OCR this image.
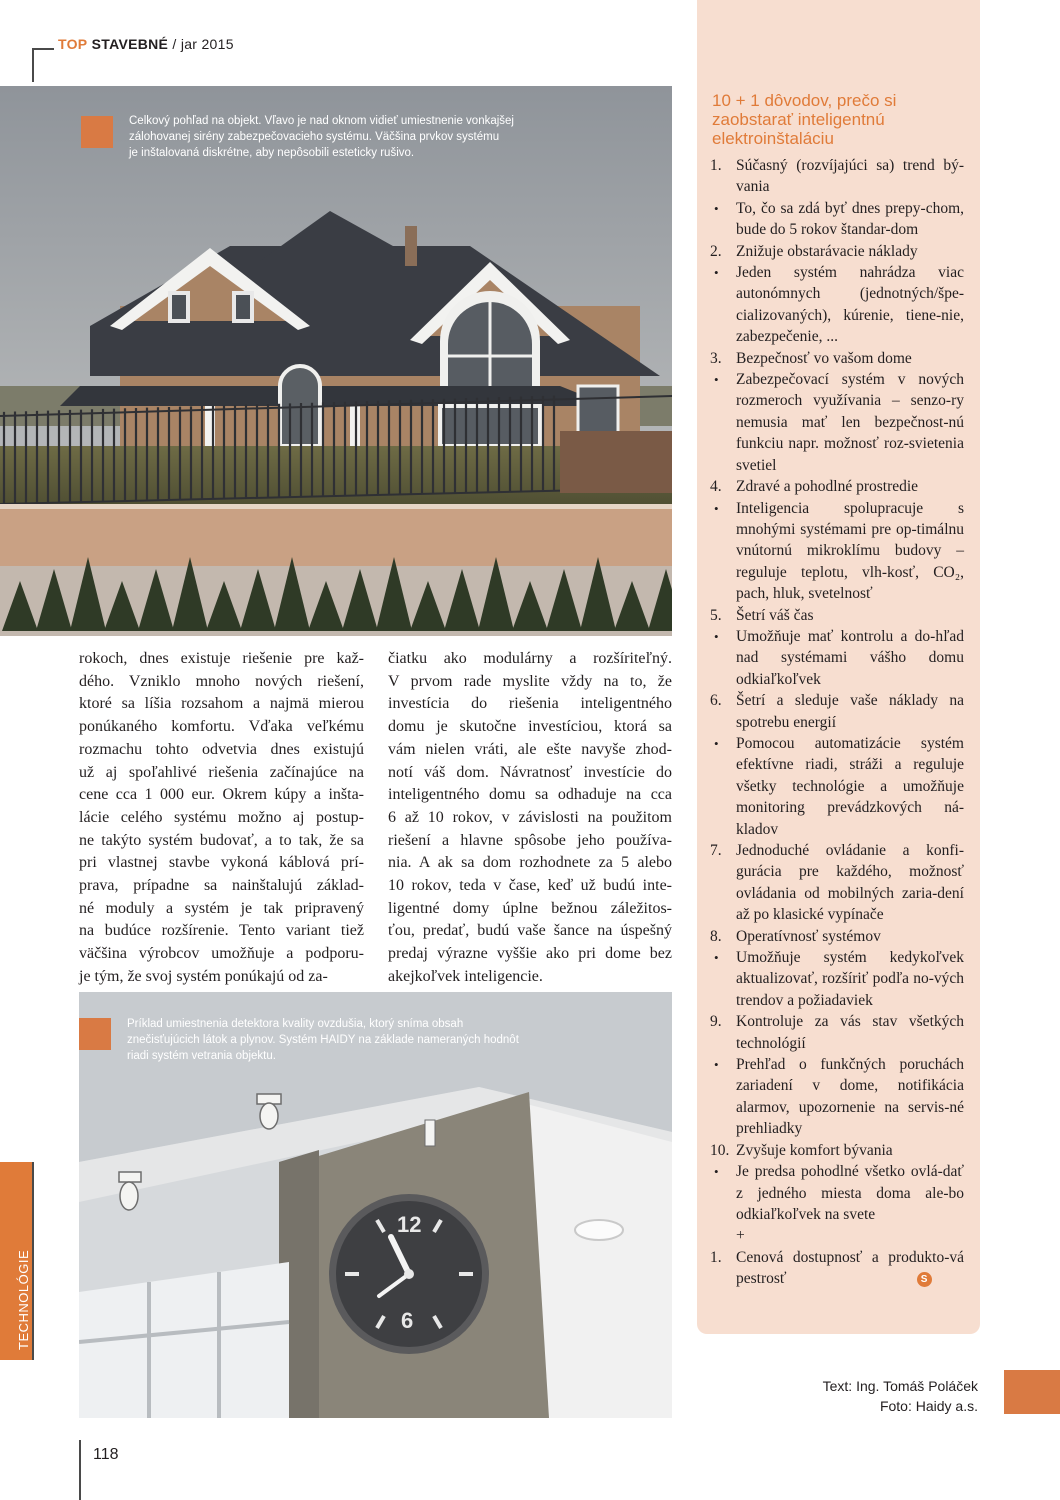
TOP STAVEBNÉ / jar 2015
Celkový pohľad na objekt. Vľavo je nad oknom vidieť umiestnenie vonkajšej
zálohovanej sirény zabezpečovacieho systému. Väčšina prvkov systému
je inštalovaná diskrétne, aby nepôsobili esteticky rušivo.
rokoch, dnes existuje riešenie pre kaž-
dého. Vzniklo mnoho nových riešení,
ktoré sa líšia rozsahom a najmä mierou
ponúkaného komfortu. Vďaka veľkému
rozmachu tohto odvetvia dnes existujú
už aj spoľahlivé riešenia začínajúce na
cene cca 1 000 eur. Okrem kúpy a inšta-
lácie celého systému možno aj postup-
ne takýto systém budovať, a to tak, že sa
pri vlastnej stavbe vykoná káblová prí-
prava, prípadne sa nainštalujú základ-
né moduly a systém je tak pripravený
na budúce rozšírenie. Tento variant tiež
väčšina výrobcov umožňuje a podporu-
je tým, že svoj systém ponúkajú od za-
čiatku ako modulárny a rozšíriteľný.
V prvom rade myslite vždy na to, že
investícia do riešenia inteligentného
domu je skutočne investíciou, ktorá sa
vám nielen vráti, ale ešte navyše zhod-
notí váš dom. Návratnosť investície do
inteligentného domu sa odhaduje na cca
6 až 10 rokov, v závislosti na použitom
riešení a hlavne spôsobe jeho používa-
nia. A ak sa dom rozhodnete za 5 alebo
10 rokov, teda v čase, keď už budú inte-
ligentné domy úplne bežnou záležitos-
ťou, predať, budú vaše šance na úspešný
predaj výrazne vyššie ako pri dome bez
akejkoľvek inteligencie.
12
6
Príklad umiestnenia detektora kvality ovzdušia, ktorý sníma obsah
znečisťujúcich látok a plynov. Systém HAIDY na základe nameraných hodnôt
riadi systém vetrania objektu.
10 + 1 dôvodov, prečo si zaobstarať inteligentnú elektroinštaláciu
1. Súčasný (rozvíjajúci sa) trend bý-vania
• To, čo sa zdá byť dnes prepy-chom, bude do 5 rokov štandar-dom
2. Znižuje obstarávacie náklady
• Jeden systém nahrádza viac autonómnych (jednotných/špe-cializovaných), kúrenie, tiene-nie, zabezpečenie, ...
3. Bezpečnosť vo vašom dome
• Zabezpečovací systém v nových rozmeroch využívania – senzo-ry nemusia mať len bezpečnost-nú funkciu napr. možnosť roz-svietenia svetiel
4. Zdravé a pohodlné prostredie
• Inteligencia spolupracuje s mnohými systémami pre op-timálnu vnútornú mikroklímu budovy – reguluje teplotu, vlh-kosť, CO₂, pach, hluk, svetelnosť
5. Šetrí váš čas
• Umožňuje mať kontrolu a do-hľad nad systémami vášho domu odkiaľkoľvek
6. Šetrí a sleduje vaše náklady na spotrebu energií
• Pomocou automatizácie systém efektívne riadi, stráži a reguluje všetky technológie a umožňuje monitoring prevádzkových ná-kladov
7. Jednoduché ovládanie a konfi-gurácia pre každého, možnosť ovládania od mobilných zaria-dení až po klasické vypínače
8. Operatívnosť systémov
• Umožňuje systém kedykoľvek aktualizovať, rozšíriť podľa no-vých trendov a požiadaviek
9. Kontroluje za vás stav všetkých technológií
• Prehľad o funkčných poruchách zariadení v dome, notifikácia alarmov, upozornenie na servis-né prehliadky
10. Zvyšuje komfort bývania
• Je predsa pohodlné všetko ovlá-dať z jedného miesta doma ale-bo odkiaľkoľvek na svete
+
1. Cenová dostupnosť a produkto-vá pestrosť	S
Text: Ing. Tomáš Poláček
Foto: Haidy a.s.
TECHNOLÓGIE
118
